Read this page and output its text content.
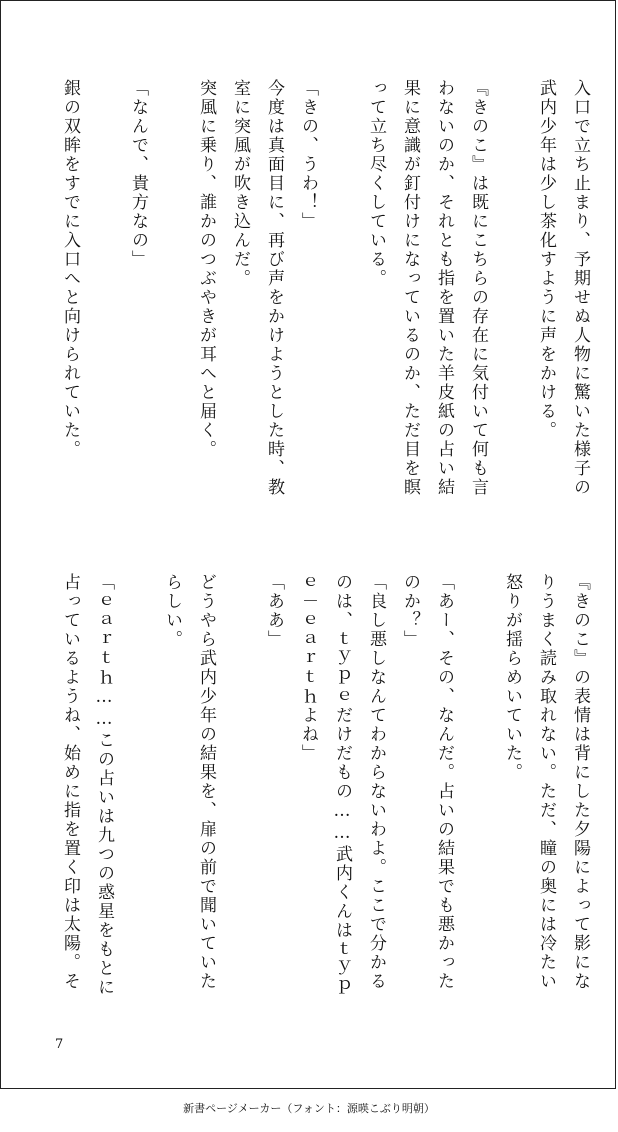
入口で立ち止まり、予期せぬ人物に驚いた様子の
武内少年は少し茶化すように声をかける。
『きのこ』は既にこちらの存在に気付いて何も言
わないのか、それとも指を置いた羊皮紙の占い結
果に意識が釘付けになっているのか、ただ目を瞑
って立ち尽くしている。
「きの、うわ！」
今度は真面目に、再び声をかけようとした時、教
室に突風が吹き込んだ。
突風に乗り、誰かのつぶやきが耳へと届く。
「なんで、貴方なの」
銀の双眸をすでに入口へと向けられていた。
『きのこ』の表情は背にした夕陽によって影にな
りうまく読み取れない。ただ、瞳の奥には冷たい
怒りが揺らめいていた。
「あー、その、なんだ。占いの結果でも悪かった
のか？」
「良し悪しなんてわからないわよ。ここで分かる
のは、ｔｙｐｅだけだもの……武内くんはｔｙｐ
ｅ－ｅａｒｔｈよね」
「ああ」
どうやら武内少年の結果を、扉の前で聞いていた
らしい。
「ｅａｒｔｈ……この占いは九つの惑星をもとに
占っているようね、始めに指を置く印は太陽。そ
7
新書ページメーカー（フォント：源暎こぶり明朝）
